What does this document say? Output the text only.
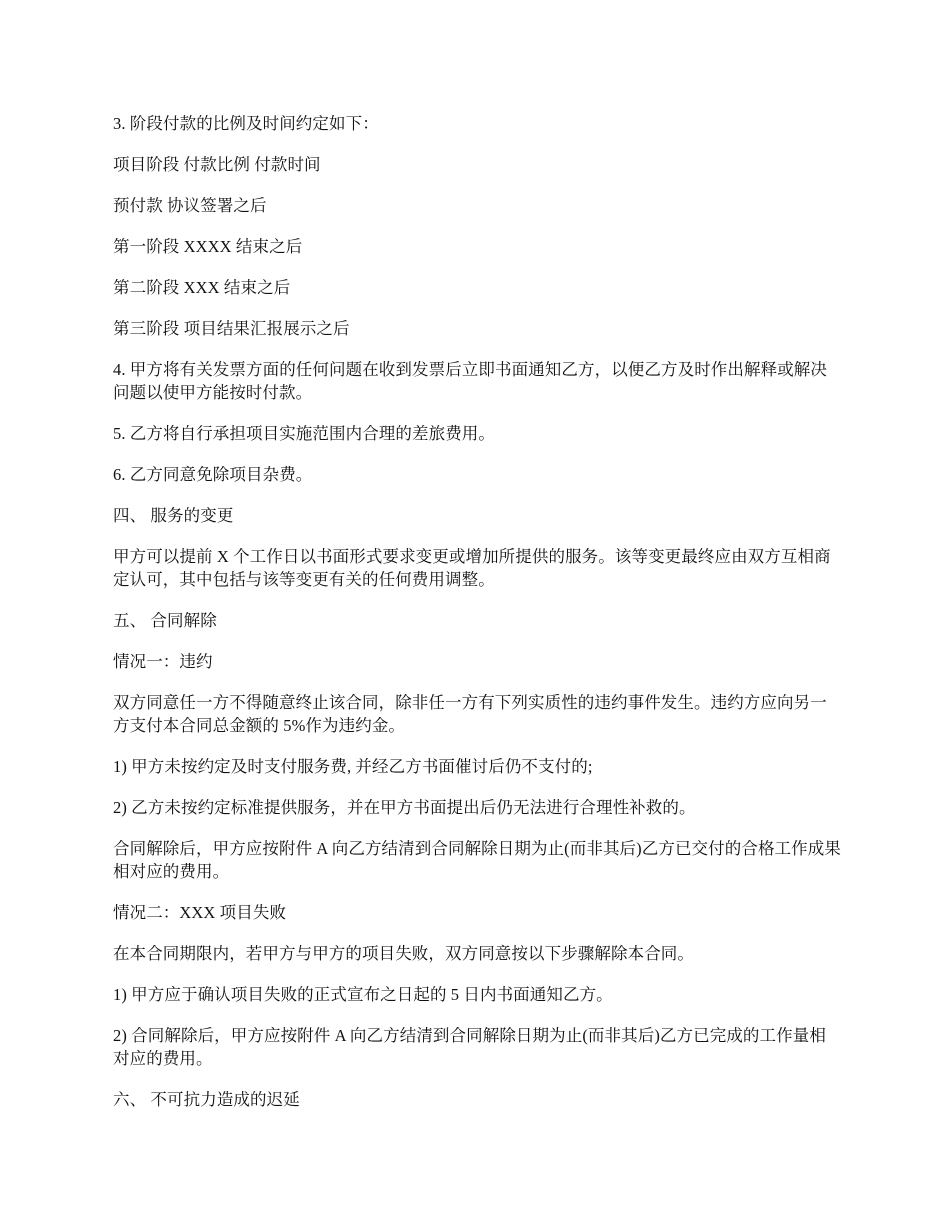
3. 阶段付款的比例及时间约定如下：

项目阶段 付款比例 付款时间

预付款 协议签署之后

第一阶段 XXXX 结束之后

第二阶段 XXX 结束之后

第三阶段 项目结果汇报展示之后

4. 甲方将有关发票方面的任何问题在收到发票后立即书面通知乙方，以便乙方及时作出解释或解决问题以使甲方能按时付款。

5. 乙方将自行承担项目实施范围内合理的差旅费用。

6. 乙方同意免除项目杂费。

四、 服务的变更

甲方可以提前 X 个工作日以书面形式要求变更或增加所提供的服务。该等变更最终应由双方互相商定认可，其中包括与该等变更有关的任何费用调整。

五、 合同解除

情况一：违约

双方同意任一方不得随意终止该合同，除非任一方有下列实质性的违约事件发生。违约方应向另一方支付本合同总金额的 5%作为违约金。

1) 甲方未按约定及时支付服务费, 并经乙方书面催讨后仍不支付的;

2) 乙方未按约定标准提供服务，并在甲方书面提出后仍无法进行合理性补救的。

合同解除后，甲方应按附件 A 向乙方结清到合同解除日期为止(而非其后)乙方已交付的合格工作成果相对应的费用。

情况二：XXX 项目失败

在本合同期限内，若甲方与甲方的项目失败，双方同意按以下步骤解除本合同。

1) 甲方应于确认项目失败的正式宣布之日起的 5 日内书面通知乙方。

2) 合同解除后，甲方应按附件 A 向乙方结清到合同解除日期为止(而非其后)乙方已完成的工作量相对应的费用。

六、 不可抗力造成的迟延
